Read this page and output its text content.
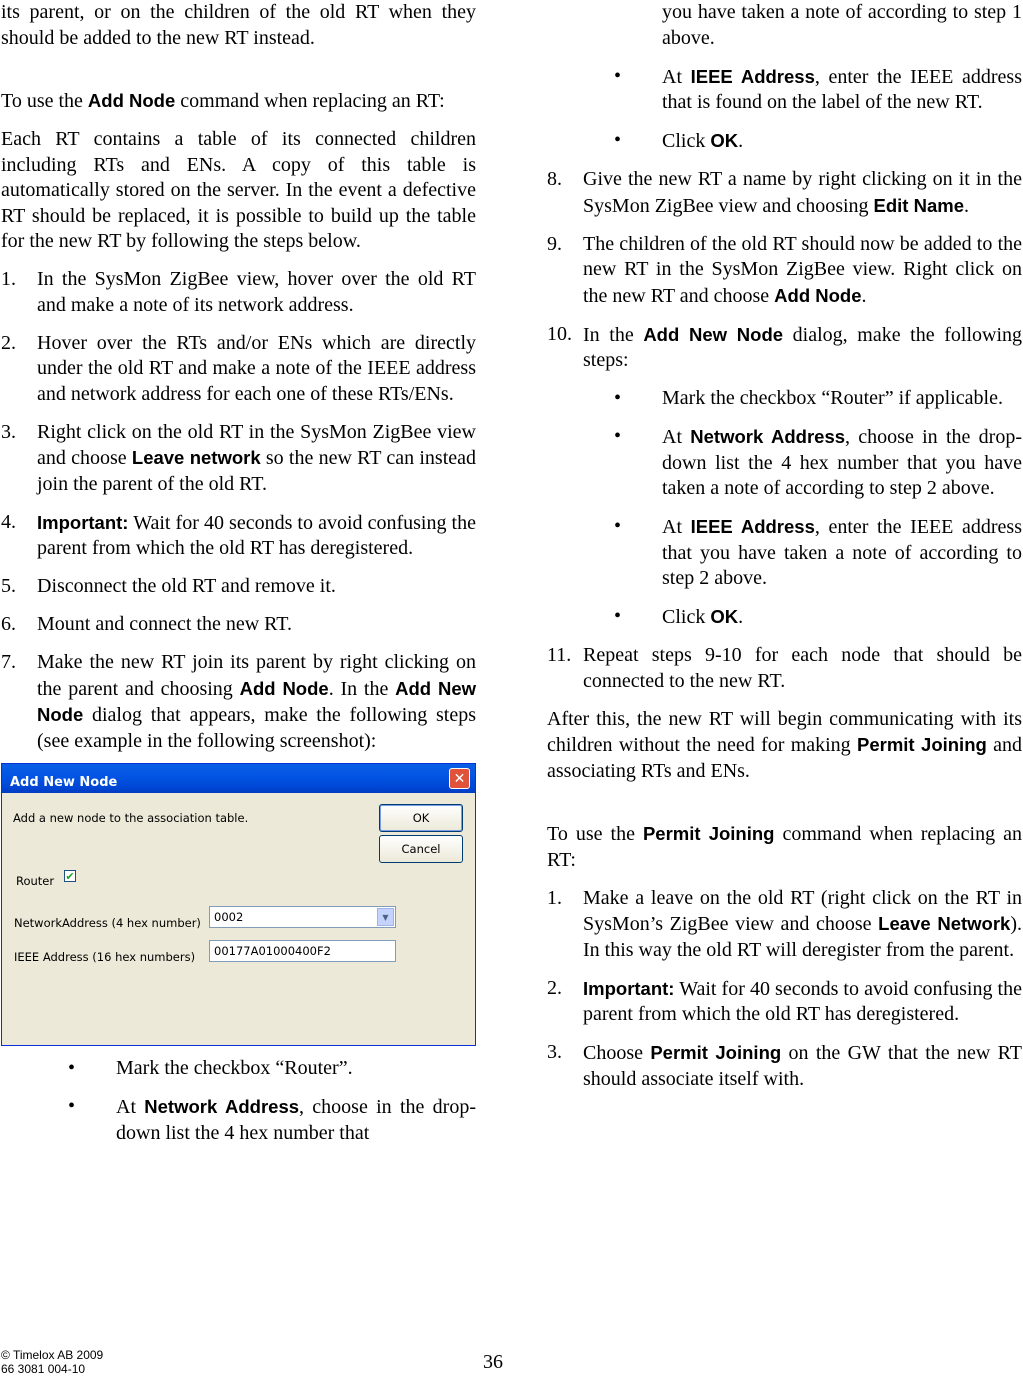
its parent, or on the children of the old RT when they should be added to the new RT instead.

To use the Add Node command when replacing an RT:

Each RT contains a table of its connected children including RTs and ENs. A copy of this table is automatically stored on the server. In the event a defective RT should be replaced, it is possible to build up the table for the new RT by following the steps below.

1. In the SysMon ZigBee view, hover over the old RT and make a note of its network address.
2. Hover over the RTs and/or ENs which are directly under the old RT and make a note of the IEEE address and network address for each one of these RTs/ENs.
3. Right click on the old RT in the SysMon ZigBee view and choose Leave network so the new RT can instead join the parent of the old RT.
4. Important: Wait for 40 seconds to avoid confusing the parent from which the old RT has deregistered.
5. Disconnect the old RT and remove it.
6. Mount and connect the new RT.
7. Make the new RT join its parent by right clicking on the parent and choosing Add Node. In the Add New Node dialog that appears, make the following steps (see example in the following screenshot):
Add New Node	✕
Add a new node to the association table.	OK
Cancel
Router ✔
NetworkAddress (4 hex number)	0002	▼
IEEE Address (16 hex numbers)	00177A01000400F2
• Mark the checkbox “Router”.
• At Network Address, choose in the drop-down list the 4 hex number that

you have taken a note of according to step 1 above.

• At IEEE Address, enter the IEEE address that is found on the label of the new RT.
• Click OK.
8. Give the new RT a name by right clicking on it in the SysMon ZigBee view and choosing Edit Name.
9. The children of the old RT should now be added to the new RT in the SysMon ZigBee view. Right click on the new RT and choose Add Node.
10. In the Add New Node dialog, make the following steps:
• Mark the checkbox “Router” if applicable.
• At Network Address, choose in the drop-down list the 4 hex number that you have taken a note of according to step 2 above.
• At IEEE Address, enter the IEEE address that you have taken a note of according to step 2 above.
• Click OK.
11. Repeat steps 9-10 for each node that should be connected to the new RT.

After this, the new RT will begin communicating with its children without the need for making Permit Joining and associating RTs and ENs.

To use the Permit Joining command when replacing an RT:

1. Make a leave on the old RT (right click on the RT in SysMon’s ZigBee view and choose Leave Network). In this way the old RT will deregister from the parent.
2. Important: Wait for 40 seconds to avoid confusing the parent from which the old RT has deregistered.
3. Choose Permit Joining on the GW that the new RT should associate itself with.
© Timelox AB 2009
66 3081 004-10	36
